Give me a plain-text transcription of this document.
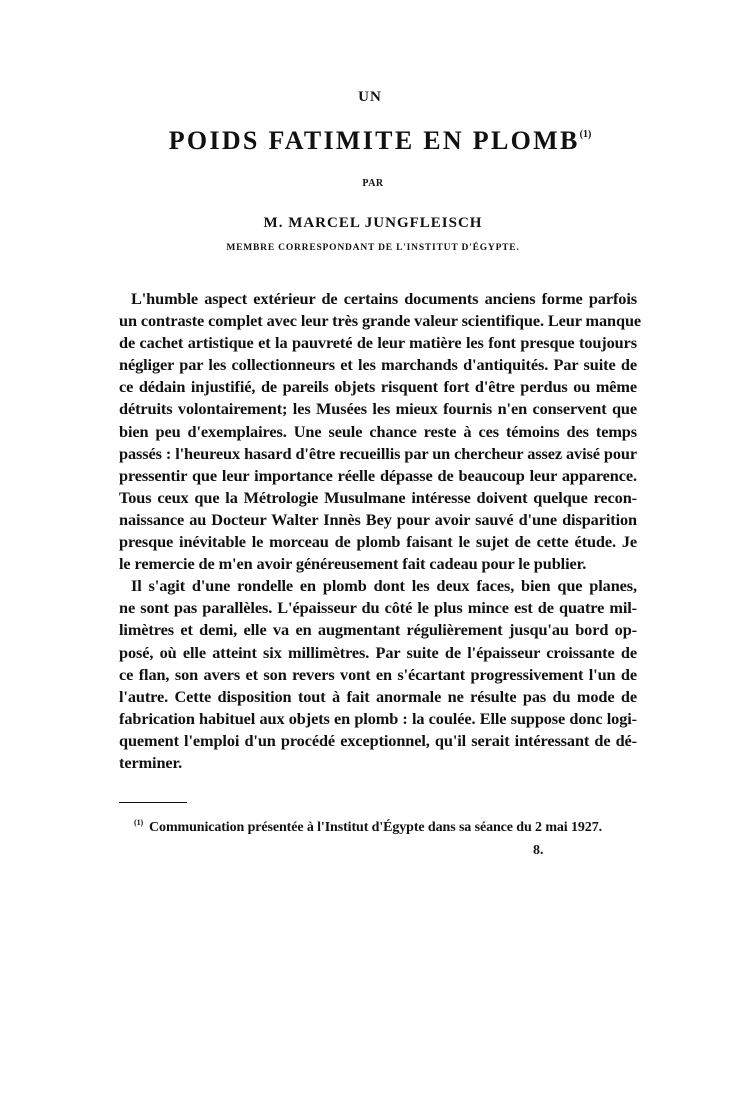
UN
POIDS FATIMITE EN PLOMB$^{(1)}$
PAR
M. MARCEL JUNGFLEISCH
MEMBRE CORRESPONDANT DE L'INSTITUT D'ÉGYPTE.
L'humble aspect extérieur de certains documents anciens forme parfois
un contraste complet avec leur très grande valeur scientifique. Leur manque
de cachet artistique et la pauvreté de leur matière les font presque toujours
négliger par les collectionneurs et les marchands d'antiquités. Par suite de
ce dédain injustifié, de pareils objets risquent fort d'être perdus ou même
détruits volontairement; les Musées les mieux fournis n'en conservent que
bien peu d'exemplaires. Une seule chance reste à ces témoins des temps
passés : l'heureux hasard d'être recueillis par un chercheur assez avisé pour
pressentir que leur importance réelle dépasse de beaucoup leur apparence.
Tous ceux que la Métrologie Musulmane intéresse doivent quelque recon-
naissance au Docteur Walter Innès Bey pour avoir sauvé d'une disparition
presque inévitable le morceau de plomb faisant le sujet de cette étude. Je
le remercie de m'en avoir généreusement fait cadeau pour le publier.
Il s'agit d'une rondelle en plomb dont les deux faces, bien que planes,
ne sont pas parallèles. L'épaisseur du côté le plus mince est de quatre mil-
limètres et demi, elle va en augmentant régulièrement jusqu'au bord op-
posé, où elle atteint six millimètres. Par suite de l'épaisseur croissante de
ce flan, son avers et son revers vont en s'écartant progressivement l'un de
l'autre. Cette disposition tout à fait anormale ne résulte pas du mode de
fabrication habituel aux objets en plomb : la coulée. Elle suppose donc logi-
quement l'emploi d'un procédé exceptionnel, qu'il serait intéressant de dé-
terminer.
$^{(1)}$ Communication présentée à l'Institut d'Égypte dans sa séance du 2 mai 1927.
8.
